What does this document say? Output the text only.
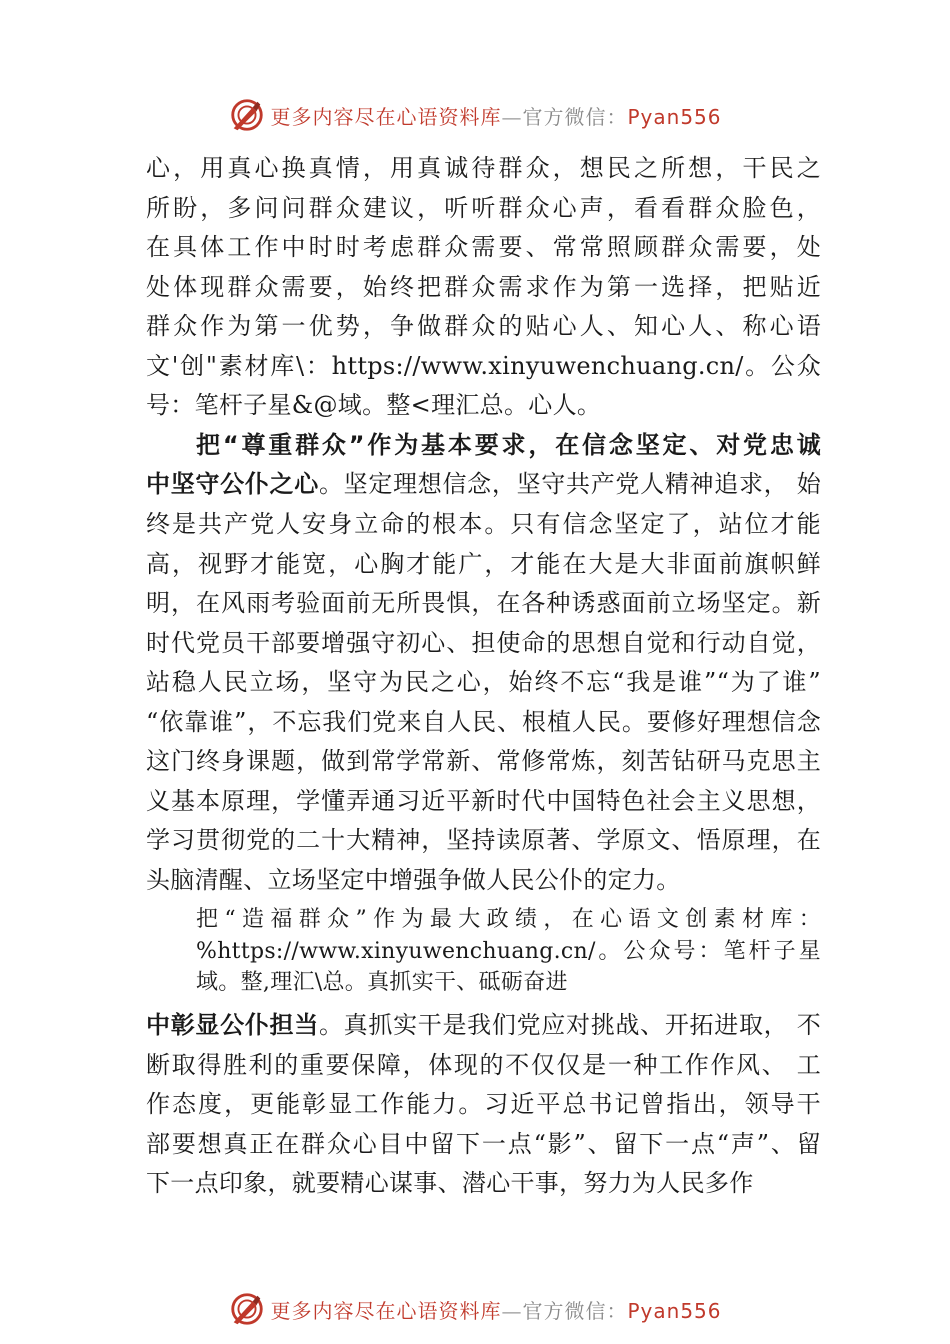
更多内容尽在心语资料库—官方微信：Pyan556
心，用真心换真情，用真诚待群众，想民之所想，干民之
所盼，多问问群众建议，听听群众心声，看看群众脸色，
在具体工作中时时考虑群众需要、常常照顾群众需要，处
处体现群众需要，始终把群众需求作为第一选择，把贴近
群众作为第一优势，争做群众的贴心人、知心人、称心语
文'创"素材库\：https://www.xinyuwenchuang.cn/。公众
号：笔杆子星&@域。整<理汇总。心人。
把“尊重群众”作为基本要求，在信念坚定、对党忠诚
中坚守公仆之心。坚定理想信念，坚守共产党人精神追求， 始
终是共产党人安身立命的根本。只有信念坚定了，站位才能
高，视野才能宽，心胸才能广，才能在大是大非面前旗帜鲜
明，在风雨考验面前无所畏惧，在各种诱惑面前立场坚定。新
时代党员干部要增强守初心、担使命的思想自觉和行动自觉，
站稳人民立场，坚守为民之心，始终不忘“我是谁”“为了谁”
“依靠谁”，不忘我们党来自人民、根植人民。要修好理想信念
这门终身课题，做到常学常新、常修常炼，刻苦钻研马克思主
义基本原理，学懂弄通习近平新时代中国特色社会主义思想，
学习贯彻党的二十大精神，坚持读原著、学原文、悟原理，在
头脑清醒、立场坚定中增强争做人民公仆的定力。
把“造福群众”作为最大政绩，在心语文创素材库：
%https://www.xinyuwenchuang.cn/。公众号：笔杆子星
域。整,理汇\总。真抓实干、砥砺奋进
中彰显公仆担当。真抓实干是我们党应对挑战、开拓进取， 不
断取得胜利的重要保障，体现的不仅仅是一种工作作风、 工
作态度，更能彰显工作能力。习近平总书记曾指出，领导干
部要想真正在群众心目中留下一点“影”、留下一点“声”、留
下一点印象，就要精心谋事、潜心干事，努力为人民多作
更多内容尽在心语资料库—官方微信：Pyan556
